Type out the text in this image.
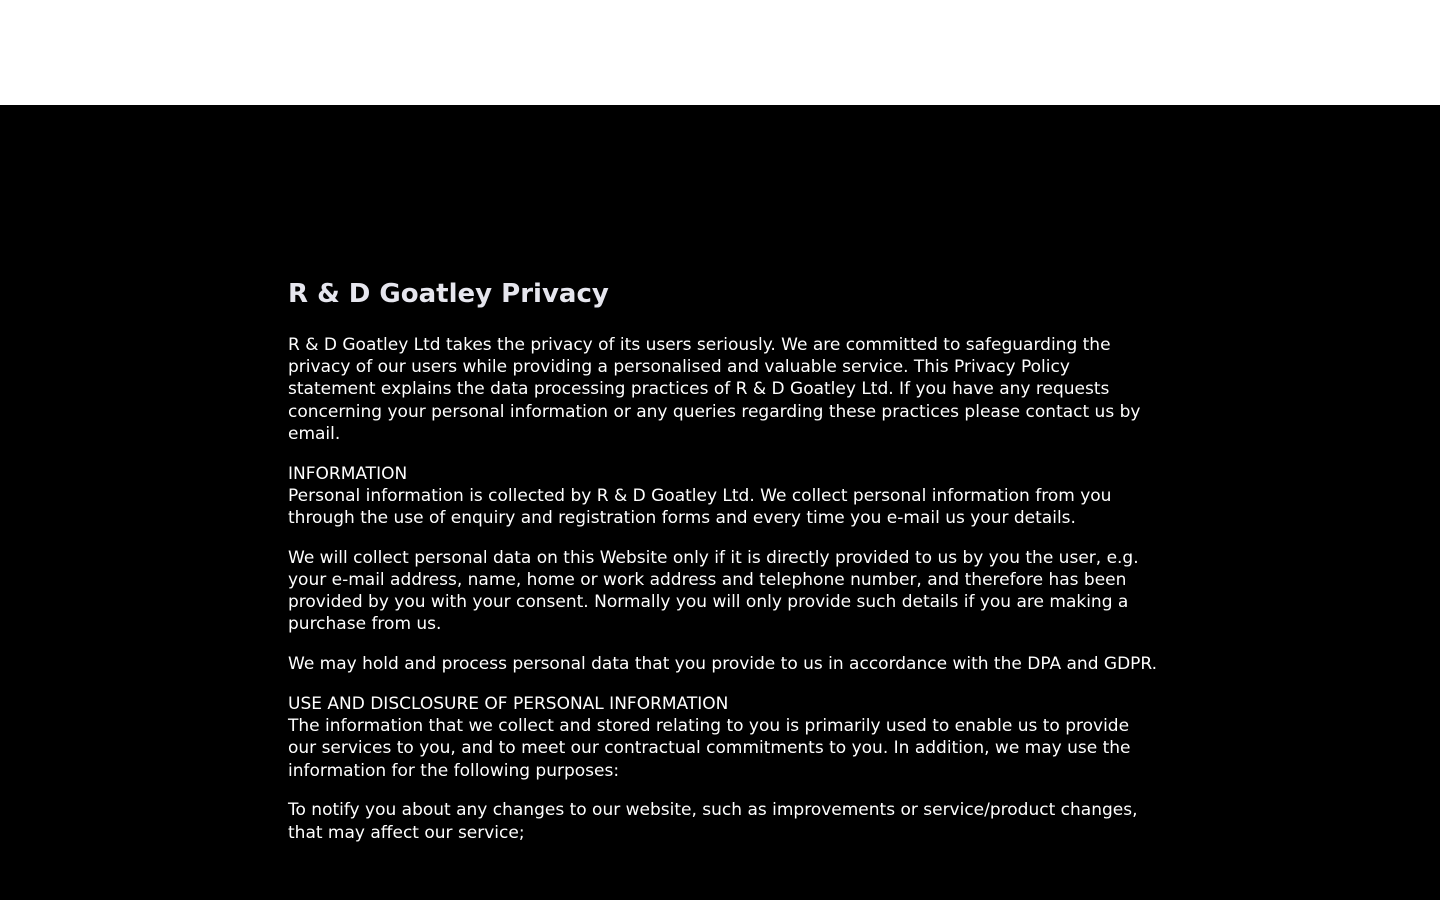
R & D Goatley Privacy

R & D Goatley Ltd takes the privacy of its users seriously. We are committed to safeguarding the privacy of our users while providing a personalised and valuable service. This Privacy Policy statement explains the data processing practices of R & D Goatley Ltd. If you have any requests concerning your personal information or any queries regarding these practices please contact us by email.

INFORMATION
Personal information is collected by R & D Goatley Ltd. We collect personal information from you through the use of enquiry and registration forms and every time you e-mail us your details.

We will collect personal data on this Website only if it is directly provided to us by you the user, e.g. your e-mail address, name, home or work address and telephone number, and therefore has been provided by you with your consent. Normally you will only provide such details if you are making a purchase from us.

We may hold and process personal data that you provide to us in accordance with the DPA and GDPR.

USE AND DISCLOSURE OF PERSONAL INFORMATION
The information that we collect and stored relating to you is primarily used to enable us to provide our services to you, and to meet our contractual commitments to you. In addition, we may use the information for the following purposes:

To notify you about any changes to our website, such as improvements or service/product changes, that may affect our service;
